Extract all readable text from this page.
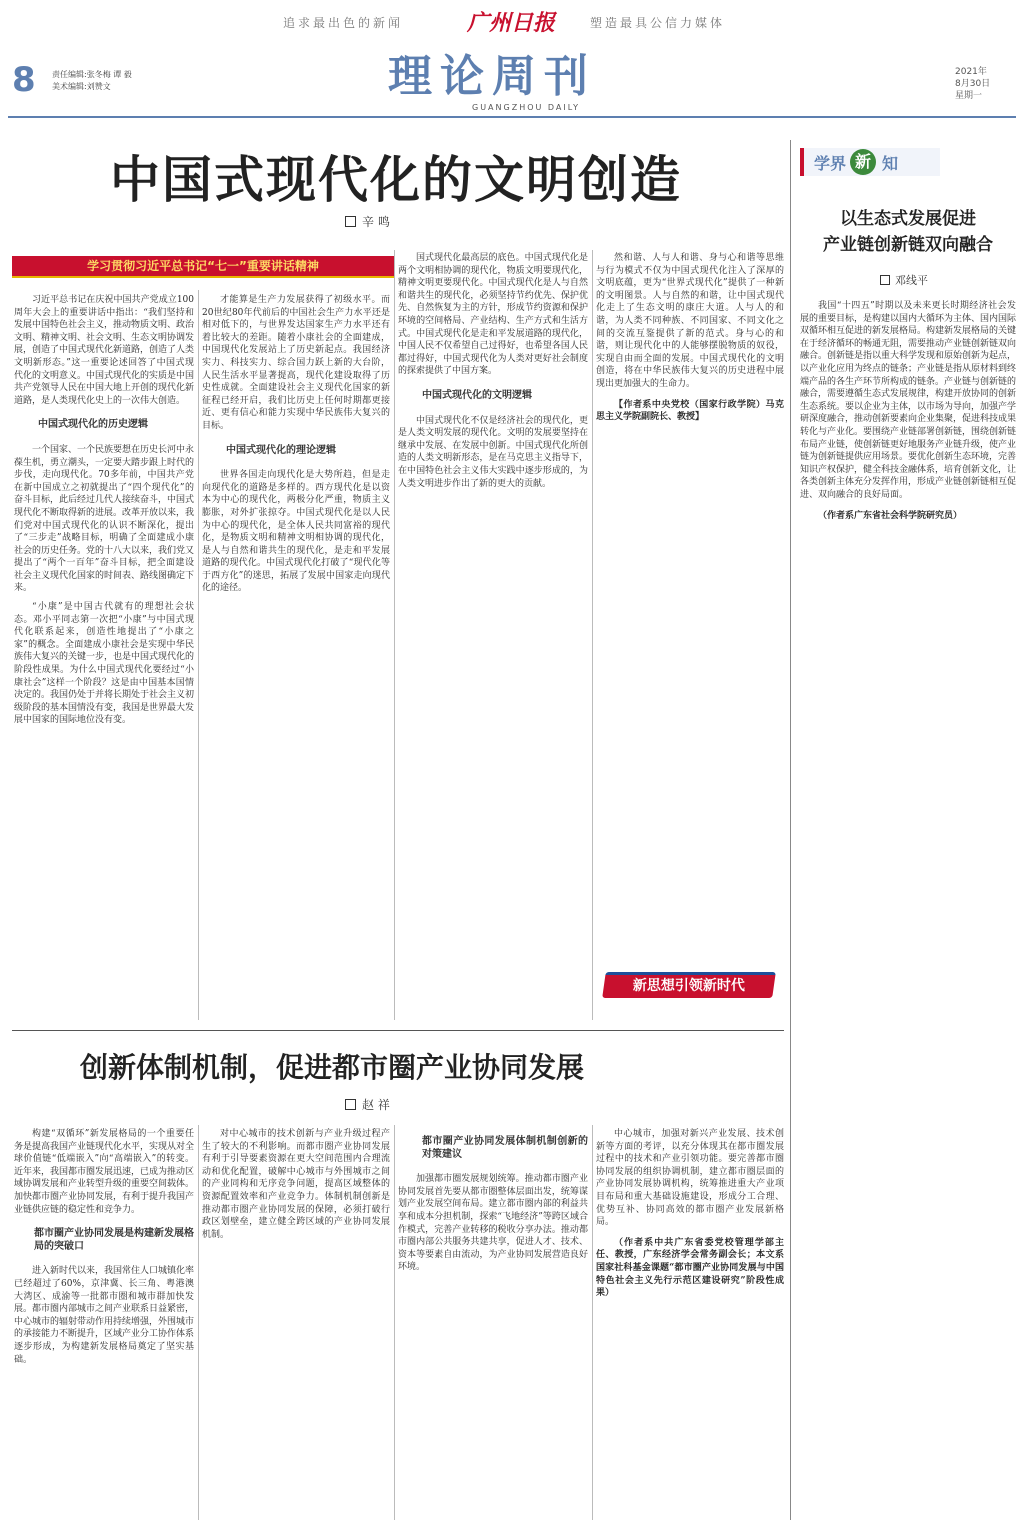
追求最出色的新闻	广州日报	塑造最具公信力媒体
理论周刊
GUANGZHOU DAILY
8 责任编辑:张冬梅 谭 毅
美术编辑:刘赞文
2021年
8月30日
星期一
中国式现代化的文明创造
辛 鸣
学习贯彻习近平总书记“七一”重要讲话精神

习近平总书记在庆祝中国共产党成立100周年大会上的重要讲话中指出：“我们坚持和发展中国特色社会主义，推动物质文明、政治文明、精神文明、社会文明、生态文明协调发展，创造了中国式现代化新道路，创造了人类文明新形态。”这一重要论述回答了中国式现代化的文明意义。中国式现代化的实质是中国共产党领导人民在中国大地上开创的现代化新道路，是人类现代化史上的一次伟大创造。

中国式现代化的历史逻辑

一个国家、一个民族要想在历史长河中永葆生机，勇立潮头，一定要大踏步跟上时代的步伐，走向现代化。70多年前，中国共产党在新中国成立之初就提出了“四个现代化”的奋斗目标，此后经过几代人接续奋斗，中国式现代化不断取得新的进展。改革开放以来，我们党对中国式现代化的认识不断深化，提出了“三步走”战略目标，明确了全面建成小康社会的历史任务。党的十八大以来，我们党又提出了“两个一百年”奋斗目标，把全面建设社会主义现代化国家的时间表、路线图确定下来。

“小康”是中国古代就有的理想社会状态。邓小平同志第一次把“小康”与中国式现代化联系起来，创造性地提出了“小康之家”的概念。全面建成小康社会是实现中华民族伟大复兴的关键一步，也是中国式现代化的阶段性成果。为什么中国式现代化要经过“小康社会”这样一个阶段？这是由中国基本国情决定的。我国仍处于并将长期处于社会主义初级阶段的基本国情没有变，我国是世界最大发展中国家的国际地位没有变。

才能算是生产力发展获得了初级水平。而20世纪80年代前后的中国社会生产力水平还是相对低下的，与世界发达国家生产力水平还有着比较大的差距。随着小康社会的全面建成，中国现代化发展站上了历史新起点。我国经济实力、科技实力、综合国力跃上新的大台阶，人民生活水平显著提高，现代化建设取得了历史性成就。全面建设社会主义现代化国家的新征程已经开启，我们比历史上任何时期都更接近、更有信心和能力实现中华民族伟大复兴的目标。

中国式现代化的理论逻辑

世界各国走向现代化是大势所趋，但是走向现代化的道路是多样的。西方现代化是以资本为中心的现代化，两极分化严重，物质主义膨胀，对外扩张掠夺。中国式现代化是以人民为中心的现代化，是全体人民共同富裕的现代化，是物质文明和精神文明相协调的现代化，是人与自然和谐共生的现代化，是走和平发展道路的现代化。中国式现代化打破了“现代化等于西方化”的迷思，拓展了发展中国家走向现代化的途径。

国式现代化最高层的底色。中国式现代化是两个文明相协调的现代化，物质文明要现代化，精神文明更要现代化。中国式现代化是人与自然和谐共生的现代化，必须坚持节约优先、保护优先、自然恢复为主的方针，形成节约资源和保护环境的空间格局、产业结构、生产方式和生活方式。中国式现代化是走和平发展道路的现代化，中国人民不仅希望自己过得好，也希望各国人民都过得好，中国式现代化为人类对更好社会制度的探索提供了中国方案。

中国式现代化的文明逻辑

中国式现代化不仅是经济社会的现代化，更是人类文明发展的现代化。文明的发展要坚持在继承中发展、在发展中创新。中国式现代化所创造的人类文明新形态，是在马克思主义指导下，在中国特色社会主义伟大实践中逐步形成的，为人类文明进步作出了新的更大的贡献。

然和谐、人与人和谐、身与心和谐等思维与行为模式不仅为中国式现代化注入了深厚的文明底蕴，更为“世界式现代化”提供了一种新的文明图景。人与自然的和谐，让中国式现代化走上了生态文明的康庄大道。人与人的和谐，为人类不同种族、不同国家、不同文化之间的交流互鉴提供了新的范式。身与心的和谐，则让现代化中的人能够摆脱物质的奴役，实现自由而全面的发展。中国式现代化的文明创造，将在中华民族伟大复兴的历史进程中展现出更加强大的生命力。

【作者系中央党校（国家行政学院）马克思主义学院副院长、教授】

新思想引领新时代
学界 新 知
以生态式发展促进
产业链创新链双向融合
邓线平

我国“十四五”时期以及未来更长时期经济社会发展的重要目标，是构建以国内大循环为主体、国内国际双循环相互促进的新发展格局。构建新发展格局的关键在于经济循环的畅通无阻，需要推动产业链创新链双向融合。创新链是指以重大科学发现和原始创新为起点，以产业化应用为终点的链条；产业链是指从原材料到终端产品的各生产环节所构成的链条。产业链与创新链的融合，需要遵循生态式发展规律，构建开放协同的创新生态系统。要以企业为主体，以市场为导向，加强产学研深度融合，推动创新要素向企业集聚，促进科技成果转化与产业化。要围绕产业链部署创新链，围绕创新链布局产业链，使创新链更好地服务产业链升级，使产业链为创新链提供应用场景。要优化创新生态环境，完善知识产权保护，健全科技金融体系，培育创新文化，让各类创新主体充分发挥作用，形成产业链创新链相互促进、双向融合的良好局面。

（作者系广东省社会科学院研究员）

创新体制机制，促进都市圈产业协同发展
赵 祥

构建“双循环”新发展格局的一个重要任务是提高我国产业链现代化水平，实现从对全球价值链“低端嵌入”向“高端嵌入”的转变。近年来，我国都市圈发展迅速，已成为推动区域协调发展和产业转型升级的重要空间载体。加快都市圈产业协同发展，有利于提升我国产业链供应链的稳定性和竞争力。

都市圈产业协同发展是构建新发展格局的突破口

进入新时代以来，我国常住人口城镇化率已经超过了60%，京津冀、长三角、粤港澳大湾区、成渝等一批都市圈和城市群加快发展。都市圈内部城市之间产业联系日益紧密，中心城市的辐射带动作用持续增强，外围城市的承接能力不断提升，区域产业分工协作体系逐步形成，为构建新发展格局奠定了坚实基础。

对中心城市的技术创新与产业升级过程产生了较大的不利影响。而都市圈产业协同发展有利于引导要素资源在更大空间范围内合理流动和优化配置，破解中心城市与外围城市之间的产业同构和无序竞争问题，提高区域整体的资源配置效率和产业竞争力。体制机制创新是推动都市圈产业协同发展的保障，必须打破行政区划壁垒，建立健全跨区域的产业协同发展机制。

都市圈产业协同发展体制机制创新的对策建议

加强都市圈发展规划统筹。推动都市圈产业协同发展首先要从都市圈整体层面出发，统筹谋划产业发展空间布局。建立都市圈内部的利益共享和成本分担机制，探索“飞地经济”等跨区域合作模式，完善产业转移的税收分享办法。推动都市圈内部公共服务共建共享，促进人才、技术、资本等要素自由流动，为产业协同发展营造良好环境。

中心城市，加强对新兴产业发展、技术创新等方面的考评，以充分体现其在都市圈发展过程中的技术和产业引领功能。要完善都市圈协同发展的组织协调机制，建立都市圈层面的产业协同发展协调机构，统筹推进重大产业项目布局和重大基础设施建设，形成分工合理、优势互补、协同高效的都市圈产业发展新格局。

（作者系中共广东省委党校管理学部主任、教授，广东经济学会常务副会长；本文系国家社科基金课题“都市圈产业协同发展与中国特色社会主义先行示范区建设研究”阶段性成果）
